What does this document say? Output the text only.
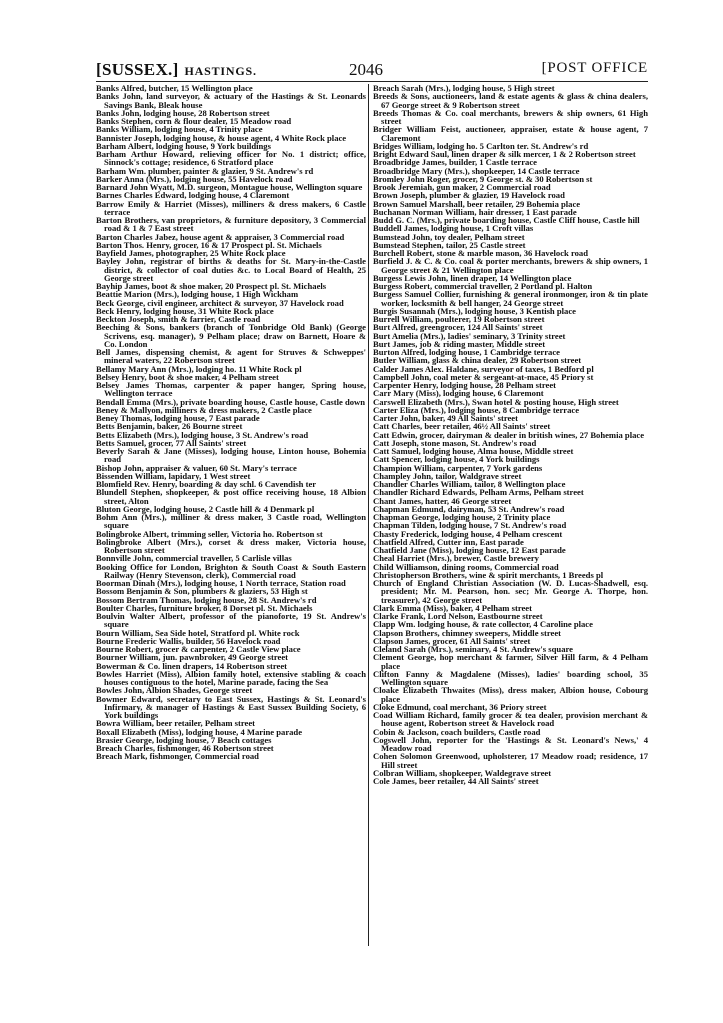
[SUSSEX.] HASTINGS.	2046	[POST OFFICE
Banks Alfred, butcher, 15 Wellington place
Banks John, land surveyor, & actuary of the Hastings & St. Leonards Savings Bank, Bleak house
Banks John, lodging house, 28 Robertson street
Banks Stephen, corn & flour dealer, 15 Meadow road
Banks William, lodging house, 4 Trinity place
Bannister Joseph, lodging house, & house agent, 4 White Rock place
Barham Albert, lodging house, 9 York buildings
Barham Arthur Howard, relieving officer for No. 1 district; office, Sinnock's cottage; residence, 6 Stratford place
Barham Wm. plumber, painter & glazier, 9 St. Andrew's rd
Barker Anna (Mrs.), lodging house, 55 Havelock road
Barnard John Wyatt, M.D. surgeon, Montague house, Wellington square
Barnes Charles Edward, lodging house, 4 Claremont
Barrow Emily & Harriet (Misses), milliners & dress makers, 6 Castle terrace
Barton Brothers, van proprietors, & furniture depository, 3 Commercial road & 1 & 7 East street
Barton Charles Jabez, house agent & appraiser, 3 Commercial road
Barton Thos. Henry, grocer, 16 & 17 Prospect pl. St. Michaels
Bayfield James, photographer, 25 White Rock place
Bayley John, registrar of births & deaths for St. Mary-in-the-Castle district, & collector of coal duties &c. to Local Board of Health, 25 George street
Bayhip James, boot & shoe maker, 20 Prospect pl. St. Michaels
Beattie Marion (Mrs.), lodging house, 1 High Wickham
Beck George, civil engineer, architect & surveyor, 37 Havelock road
Beck Henry, lodging house, 31 White Rock place
Beckton Joseph, smith & farrier, Castle road
Beeching & Sons, bankers (branch of Tonbridge Old Bank) (George Scrivens, esq. manager), 9 Pelham place; draw on Barnett, Hoare & Co. London
Bell James, dispensing chemist, & agent for Struves & Schweppes' mineral waters, 22 Robertson street
Bellamy Mary Ann (Mrs.), lodging ho. 11 White Rock pl
Belsey Henry, boot & shoe maker, 4 Pelham street
Belsey James Thomas, carpenter & paper hanger, Spring house, Wellington terrace
Bendall Emma (Mrs.), private boarding house, Castle house, Castle down
Beney & Mallyon, milliners & dress makers, 2 Castle place
Beney Thomas, lodging house, 7 East parade
Betts Benjamin, baker, 26 Bourne street
Betts Elizabeth (Mrs.), lodging house, 3 St. Andrew's road
Betts Samuel, grocer, 77 All Saints' street
Beverly Sarah & Jane (Misses), lodging house, Linton house, Bohemia road
Bishop John, appraiser & valuer, 60 St. Mary's terrace
Bissenden William, lapidary, 1 West street
Blomfield Rev. Henry, boarding & day schl. 6 Cavendish ter
Blundell Stephen, shopkeeper, & post office receiving house, 18 Albion street, Alton
Bluton George, lodging house, 2 Castle hill & 4 Denmark pl
Bohm Ann (Mrs.), milliner & dress maker, 3 Castle road, Wellington square
Bolingbroke Albert, trimming seller, Victoria ho. Robertson st
Bolingbroke Albert (Mrs.), corset & dress maker, Victoria house, Robertson street
Bonnville John, commercial traveller, 5 Carlisle villas
Booking Office for London, Brighton & South Coast & South Eastern Railway (Henry Stevenson, clerk), Commercial road
Boorman Dinah (Mrs.), lodging house, 1 North terrace, Station road
Bossom Benjamin & Son, plumbers & glaziers, 53 High st
Bossom Bertram Thomas, lodging house, 28 St. Andrew's rd
Boulter Charles, furniture broker, 8 Dorset pl. St. Michaels
Boulvin Walter Albert, professor of the pianoforte, 19 St. Andrew's square
Bourn William, Sea Side hotel, Stratford pl. White rock
Bourne Frederic Wallis, builder, 56 Havelock road
Bourne Robert, grocer & carpenter, 2 Castle View place
Bourner William, jun. pawnbroker, 49 George street
Bowerman & Co. linen drapers, 14 Robertson street
Bowles Harriet (Miss), Albion family hotel, extensive stabling & coach houses contiguous to the hotel, Marine parade, facing the Sea
Bowles John, Albion Shades, George street
Bowmer Edward, secretary to East Sussex, Hastings & St. Leonard's Infirmary, & manager of Hastings & East Sussex Building Society, 6 York buildings
Bowra William, beer retailer, Pelham street
Boxall Elizabeth (Miss), lodging house, 4 Marine parade
Brasier George, lodging house, 7 Beach cottages
Breach Charles, fishmonger, 46 Robertson street
Breach Mark, fishmonger, Commercial road
Breach Sarah (Mrs.), lodging house, 5 High street
Breeds & Sons, auctioneers, land & estate agents & glass & china dealers, 67 George street & 9 Robertson street
Breeds Thomas & Co. coal merchants, brewers & ship owners, 61 High street
Bridger William Feist, auctioneer, appraiser, estate & house agent, 7 Claremont
Bridges William, lodging ho. 5 Carlton ter. St. Andrew's rd
Bright Edward Saul, linen draper & silk mercer, 1 & 2 Robertson street
Broadbridge James, builder, 1 Castle terrace
Broadbridge Mary (Mrs.), shopkeeper, 14 Castle terrace
Bromley John Roger, grocer, 9 George st. & 30 Robertson st
Brook Jeremiah, gun maker, 2 Commercial road
Brown Joseph, plumber & glazier, 19 Havelock road
Brown Samuel Marshall, beer retailer, 29 Bohemia place
Buchanan Norman William, hair dresser, 1 East parade
Budd G. C. (Mrs.), private boarding house, Castle Cliff house, Castle hill
Buddell James, lodging house, 1 Croft villas
Bumstead John, toy dealer, Pelham street
Bumstead Stephen, tailor, 25 Castle street
Burchell Robert, stone & marble mason, 36 Havelock road
Burfield J. & C. & Co. coal & porter merchants, brewers & ship owners, 1 George street & 21 Wellington place
Burgess Lewis John, linen draper, 14 Wellington place
Burgess Robert, commercial traveller, 2 Portland pl. Halton
Burgess Samuel Collier, furnishing & general ironmonger, iron & tin plate worker, locksmith & bell hanger, 24 George street
Burgis Susannah (Mrs.), lodging house, 3 Kentish place
Burrell William, poulterer, 19 Robertson street
Burt Alfred, greengrocer, 124 All Saints' street
Burt Amelia (Mrs.), ladies' seminary, 3 Trinity street
Burt James, job & riding master, Middle street
Burton Alfred, lodging house, 1 Cambridge terrace
Butler William, glass & china dealer, 29 Robertson street
Calder James Alex. Haldane, surveyor of taxes, 1 Bedford pl
Campbell John, coal meter & sergeant-at-mace, 45 Priory st
Carpenter Henry, lodging house, 28 Pelham street
Carr Mary (Miss), lodging house, 6 Claremont
Carswell Elizabeth (Mrs.), Swan hotel & posting house, High street
Carter Eliza (Mrs.), lodging house, 8 Cambridge terrace
Carter John, baker, 49 All Saints' street
Catt Charles, beer retailer, 46½ All Saints' street
Catt Edwin, grocer, dairyman & dealer in british wines, 27 Bohemia place
Catt Joseph, stone mason, St. Andrew's road
Catt Samuel, lodging house, Alma house, Middle street
Catt Spencer, lodging house, 4 York buildings
Champion William, carpenter, 7 York gardens
Champley John, tailor, Waldgrave street
Chandler Charles William, tailor, 8 Wellington place
Chandler Richard Edwards, Pelham Arms, Pelham street
Chant James, hatter, 46 George street
Chapman Edmund, dairyman, 53 St. Andrew's road
Chapman George, lodging house, 2 Trinity place
Chapman Tilden, lodging house, 7 St. Andrew's road
Chasty Frederick, lodging house, 4 Pelham crescent
Chatfield Alfred, Cutter inn, East parade
Chatfield Jane (Miss), lodging house, 12 East parade
Cheal Harriet (Mrs.), brewer, Castle brewery
Child Williamson, dining rooms, Commercial road
Christopherson Brothers, wine & spirit merchants, 1 Breeds pl
Church of England Christian Association (W. D. Lucas-Shadwell, esq. president; Mr. M. Pearson, hon. sec; Mr. George A. Thorpe, hon. treasurer), 42 George street
Clark Emma (Miss), baker, 4 Pelham street
Clarke Frank, Lord Nelson, Eastbourne street
Clapp Wm. lodging house, & rate collector, 4 Caroline place
Clapson Brothers, chimney sweepers, Middle street
Clapson James, grocer, 61 All Saints' street
Cleland Sarah (Mrs.), seminary, 4 St. Andrew's square
Clement George, hop merchant & farmer, Silver Hill farm, & 4 Pelham place
Clifton Fanny & Magdalene (Misses), ladies' boarding school, 35 Wellington square
Cloake Elizabeth Thwaites (Miss), dress maker, Albion house, Cobourg place
Cloke Edmund, coal merchant, 36 Priory street
Coad William Richard, family grocer & tea dealer, provision merchant & house agent, Robertson street & Havelock road
Cobin & Jackson, coach builders, Castle road
Cogswell John, reporter for the 'Hastings & St. Leonard's News,' 4 Meadow road
Cohen Solomon Greenwood, upholsterer, 17 Meadow road; residence, 17 Hill street
Colbran William, shopkeeper, Waldegrave street
Cole James, beer retailer, 44 All Saints' street
